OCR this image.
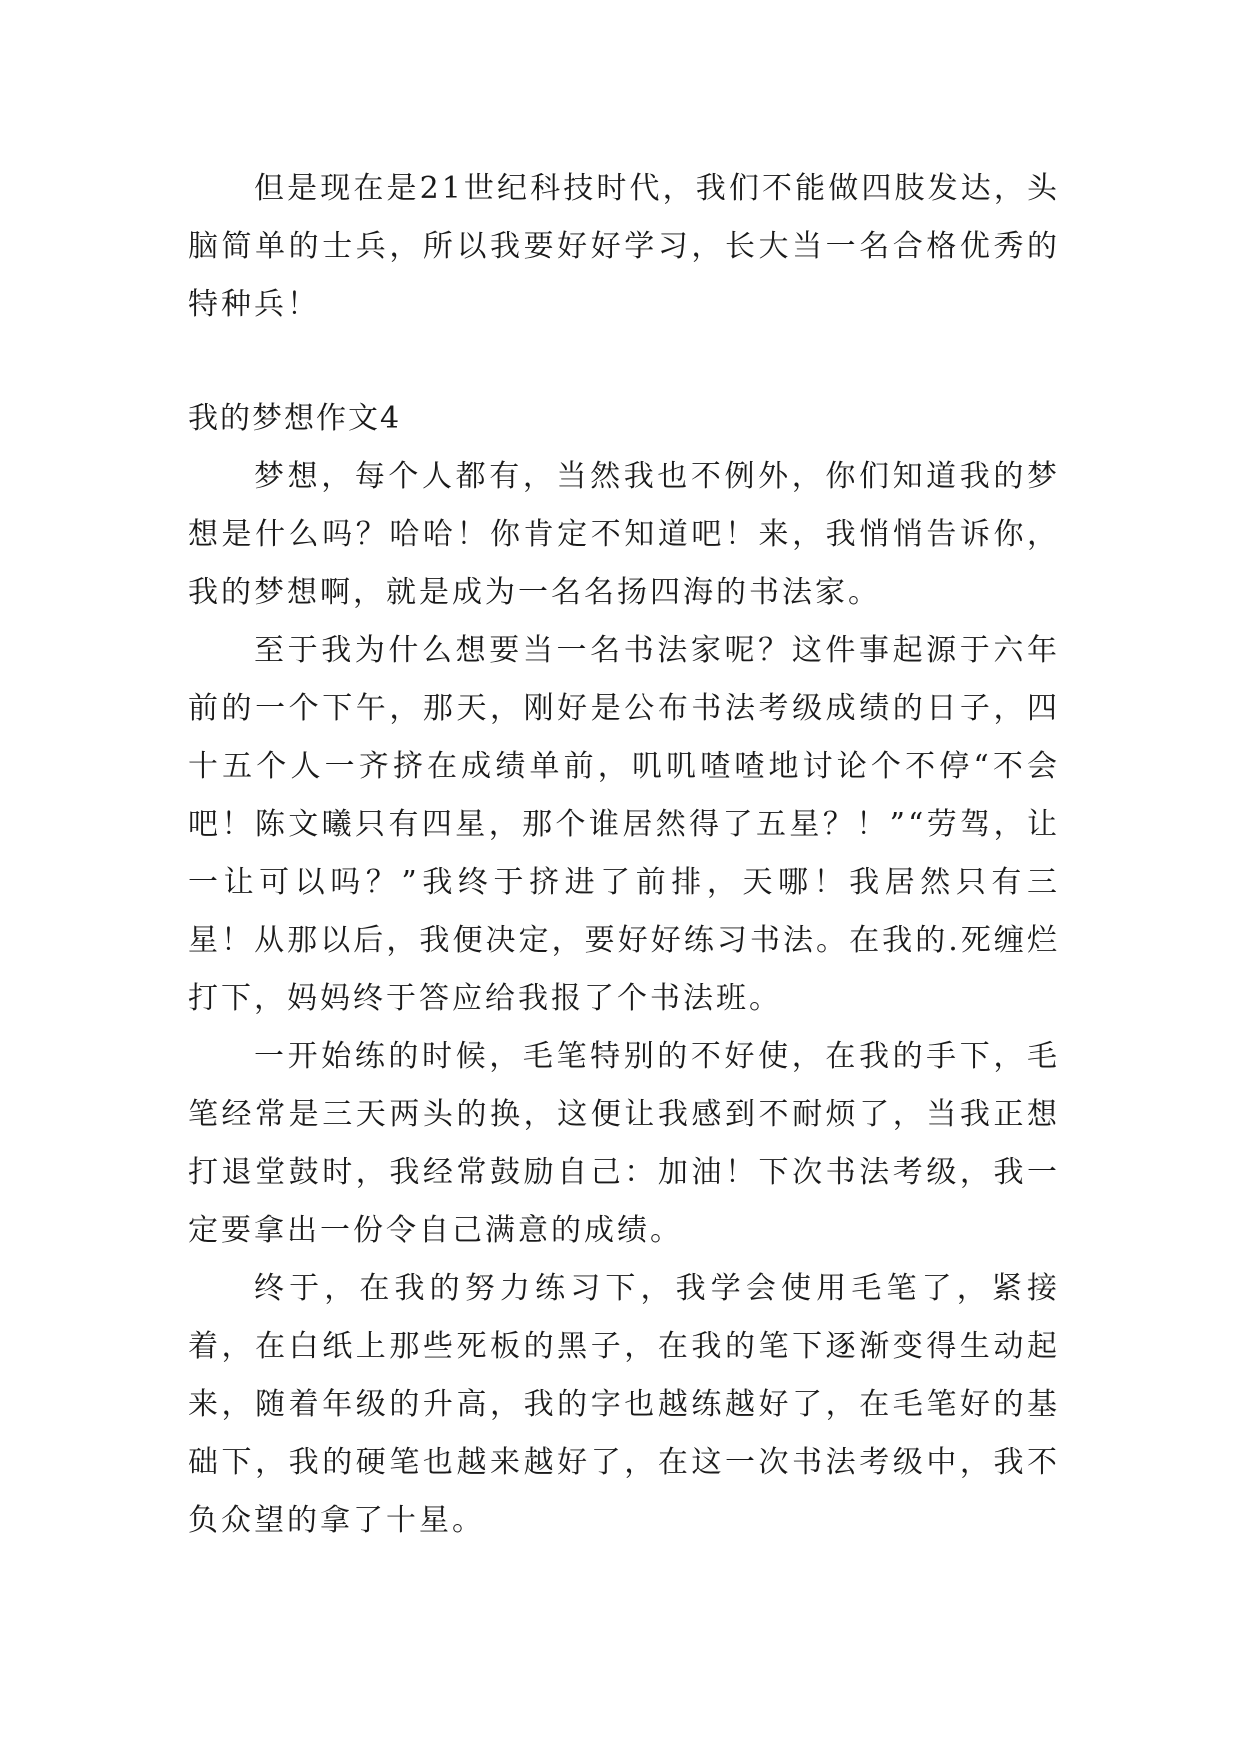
但是现在是21世纪科技时代，我们不能做四肢发达，头脑简单的士兵，所以我要好好学习，长大当一名合格优秀的特种兵！

我的梦想作文4

梦想，每个人都有，当然我也不例外，你们知道我的梦想是什么吗？哈哈！你肯定不知道吧！来，我悄悄告诉你，我的梦想啊，就是成为一名名扬四海的书法家。

至于我为什么想要当一名书法家呢？这件事起源于六年前的一个下午，那天，刚好是公布书法考级成绩的日子，四十五个人一齐挤在成绩单前，叽叽喳喳地讨论个不停“不会吧！陈文曦只有四星，那个谁居然得了五星？！”“劳驾，让一让可以吗？”我终于挤进了前排，天哪！我居然只有三星！从那以后，我便决定，要好好练习书法。在我的.死缠烂打下，妈妈终于答应给我报了个书法班。

一开始练的时候，毛笔特别的不好使，在我的手下，毛笔经常是三天两头的换，这便让我感到不耐烦了，当我正想打退堂鼓时，我经常鼓励自己：加油！下次书法考级，我一定要拿出一份令自己满意的成绩。

终于，在我的努力练习下，我学会使用毛笔了，紧接着，在白纸上那些死板的黑子，在我的笔下逐渐变得生动起来，随着年级的升高，我的字也越练越好了，在毛笔好的基础下，我的硬笔也越来越好了，在这一次书法考级中，我不负众望的拿了十星。
